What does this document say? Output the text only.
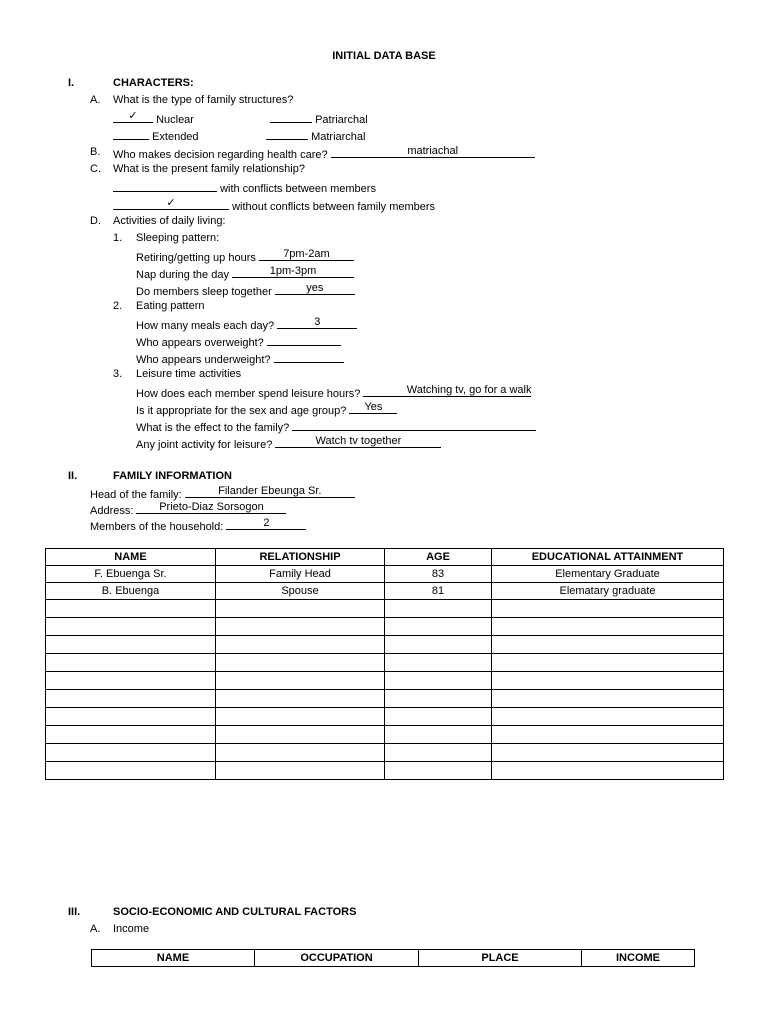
INITIAL DATA BASE
I.	CHARACTERS:
A. What is the type of family structures?
✓	Nuclear	Patriarchal
Extended	Matriarchal
B. Who makes decision regarding health care?	matriachal
C. What is the present family relationship?
with conflicts between members
✓	without conflicts between family members
D. Activities of daily living:
1. Sleeping pattern:
Retiring/getting up hours	7pm-2am
Nap during the day	1pm-3pm
Do members sleep together	yes
2. Eating pattern
How many meals each day?	3
Who appears overweight?
Who appears underweight?
3. Leisure time activities
How does each member spend leisure hours?	Watching tv, go for a walk
Is it appropriate for the sex and age group?	Yes
What is the effect to the family?
Any joint activity for leisure?	Watch tv together
II.	FAMILY INFORMATION
Head of the family:	Filander Ebeunga Sr.
Address:	Prieto-Diaz Sorsogon
Members of the household:	2
NAME	RELATIONSHIP	AGE	EDUCATIONAL ATTAINMENT
F. Ebuenga Sr.	Family Head	83	Elementary Graduate
B. Ebuenga	Spouse	81	Elematary graduate

III.	SOCIO-ECONOMIC AND CULTURAL FACTORS
A. Income
NAME	OCCUPATION	PLACE	INCOME
